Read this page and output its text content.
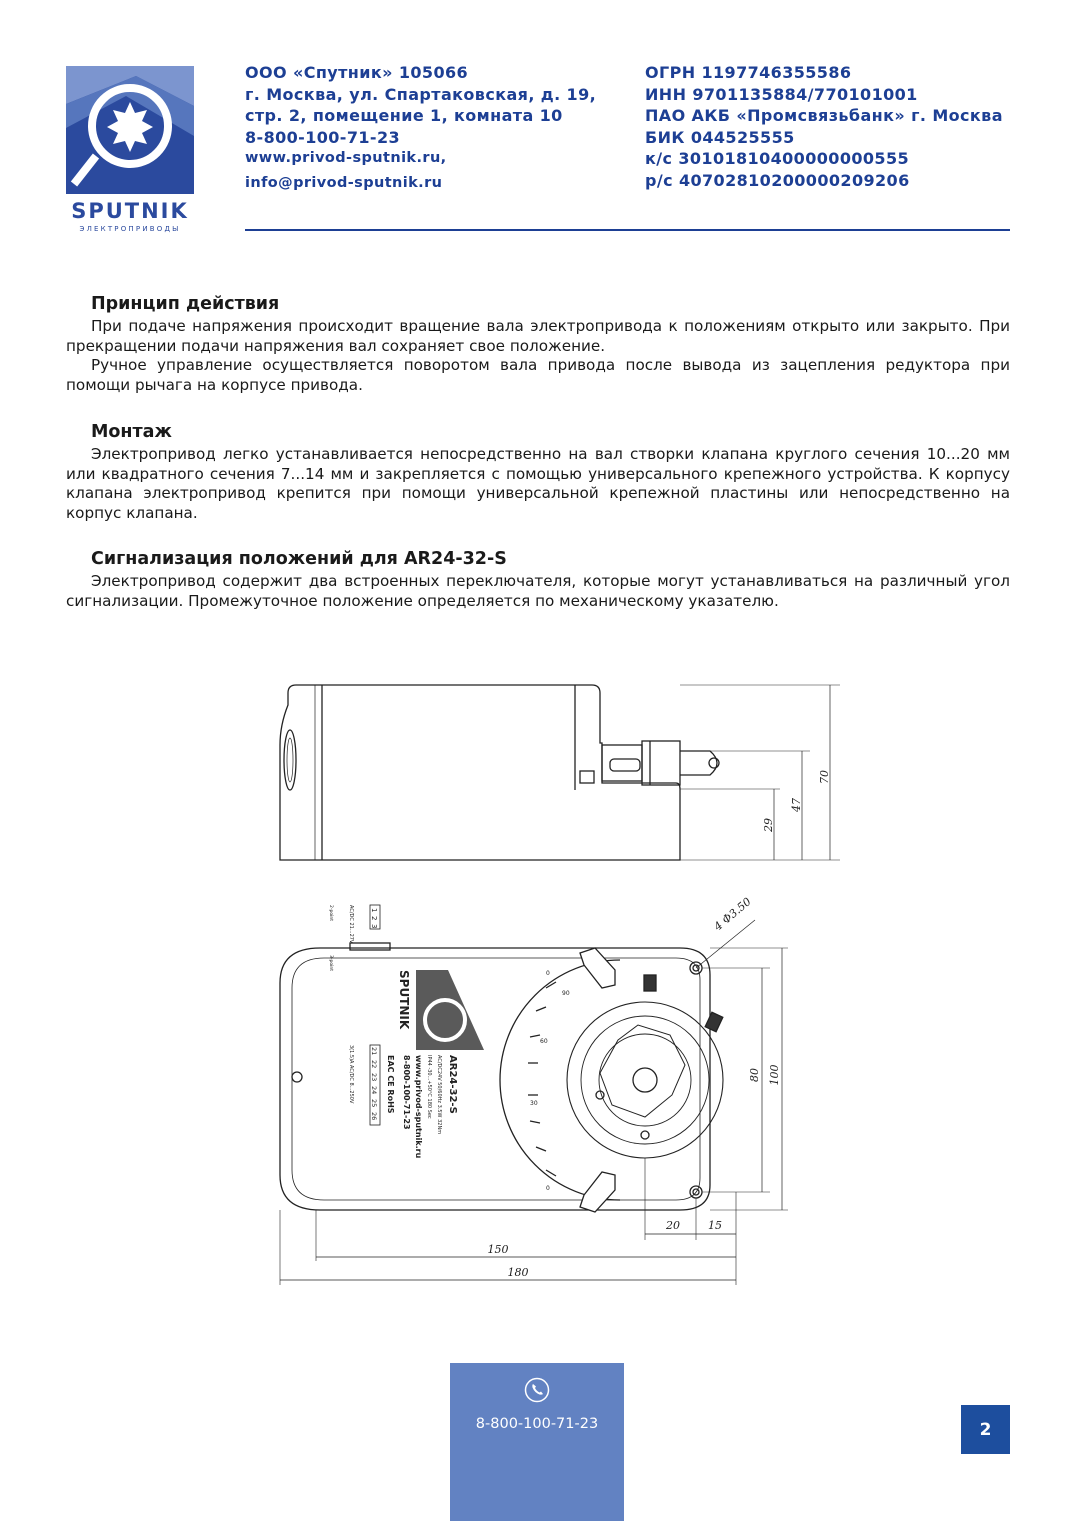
SPUTNIK
ЭЛЕКТРОПРИВОДЫ
ООО «Спутник» 105066
г. Москва, ул. Спартаковская, д. 19,
стр. 2, помещение 1, комната 10
8-800-100-71-23
www.privod-sputnik.ru,
info@privod-sputnik.ru
ОГРН 1197746355586
ИНН 9701135884/770101001
ПАО АКБ «Промсвязьбанк» г. Москва
БИК 044525555
к/с 30101810400000000555
р/с 40702810200000209206
Принцип действия

При подаче напряжения происходит вращение вала электропривода к положениям открыто или закрыто. При прекращении подачи напряжения вал сохраняет свое положение.

Ручное управление осуществляется поворотом вала привода после вывода из зацепления редуктора при помощи рычага на корпусе привода.

Монтаж

Электропривод легко устанавливается непосредственно на вал створки клапана круглого сечения 10...20 мм или квадратного сечения 7...14 мм и закрепляется с помощью универсального крепежного устройства. К корпусу клапана электропривод крепится при помощи универсальной крепежной пластины или непосредственно на корпус клапана.

Сигнализация положений для AR24-32-S

Электропривод содержит два встроенных переключателя, которые могут устанавливаться на различный угол сигнализации. Промежуточное положение определяется по механическому указателю.

70
47
29
SPUTNIK
AR24-32-S
AC/DC24V 50/60Hz 3.5W 32Nm
IP44 -30...+50°C 180 Sec
www.privod-sputnik.ru
8-800-100-71-23
EAC CE RoHS
AC/DC 21...27V
3(1.5)A AC/DC 8...250V
2-point
3-point
1
2
3
21
22
23
24
25
26
0
90
60
30
0
4 Φ3.50
80 100
20	15
150
180
8-800-100-71-23	2
